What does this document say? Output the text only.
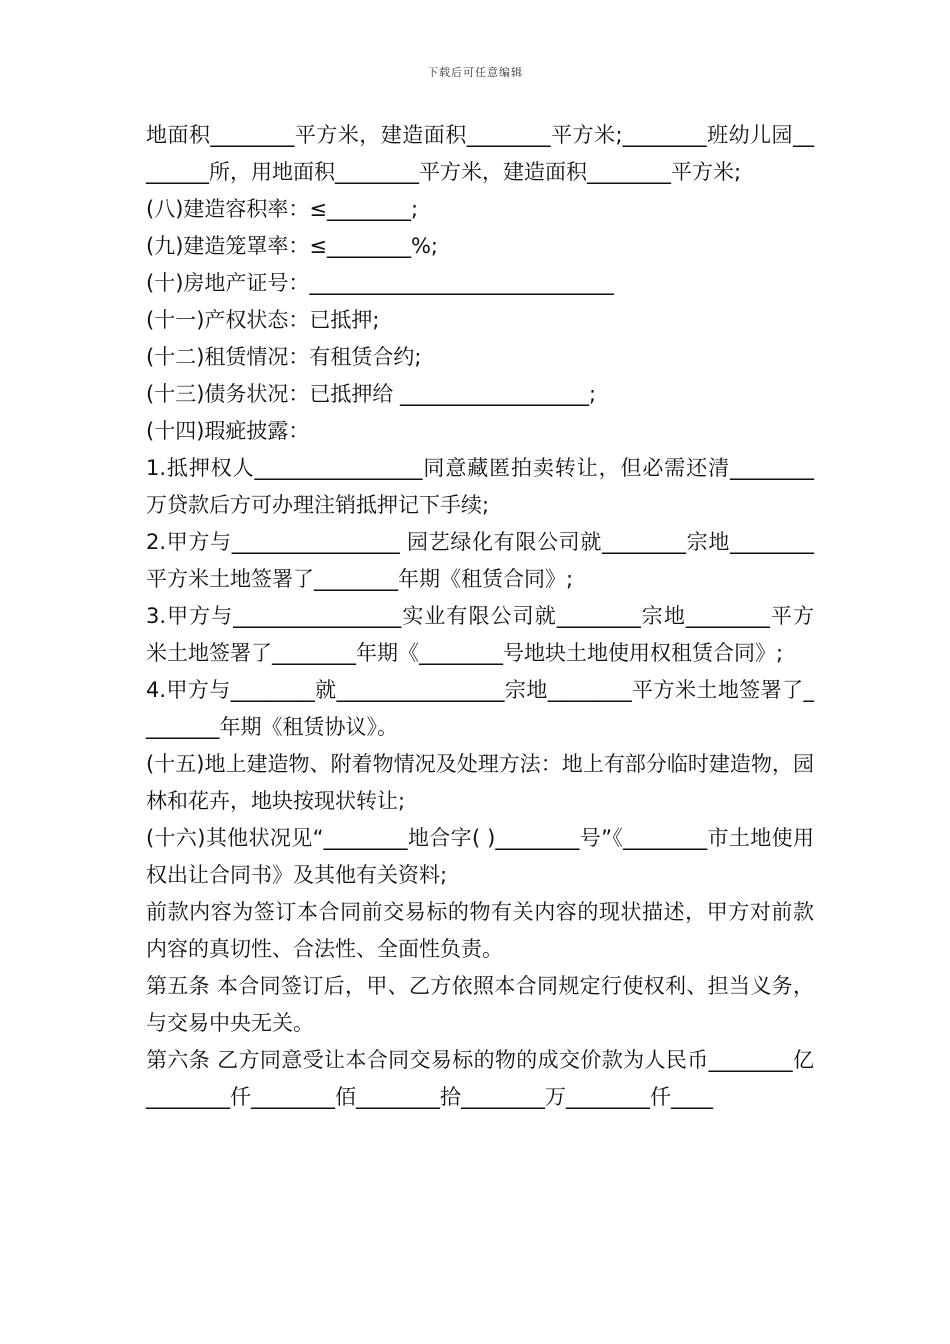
下载后可任意编辑

地面积________平方米，建造面积________平方米;________班幼儿园________所，用地面积________平方米，建造面积________平方米;

(八)建造容积率：≤________;

(九)建造笼罩率：≤________%;

(十)房地产证号：_____________________________

(十一)产权状态：已抵押;

(十二)租赁情况：有租赁合约;

(十三)债务状况：已抵押给 __________________;

(十四)瑕疵披露：

1.抵押权人________________同意藏匿拍卖转让，但必需还清________万贷款后方可办理注销抵押记下手续;

2.甲方与________________ 园艺绿化有限公司就________宗地________平方米土地签署了________年期《租赁合同》;

3.甲方与________________实业有限公司就________宗地________平方米土地签署了________年期《________号地块土地使用权租赁合同》;

4.甲方与________就________________宗地________平方米土地签署了________年期《租赁协议》。

(十五)地上建造物、附着物情况及处理方法：地上有部分临时建造物，园林和花卉，地块按现状转让;

(十六)其他状况见“________地合字( )________号”《________市土地使用权出让合同书》及其他有关资料;

前款内容为签订本合同前交易标的物有关内容的现状描述，甲方对前款内容的真切性、合法性、全面性负责。

第五条 本合同签订后，甲、乙方依照本合同规定行使权利、担当义务，与交易中央无关。

第六条 乙方同意受让本合同交易标的物的成交价款为人民币________亿________仟________佰________拾________万________仟____
